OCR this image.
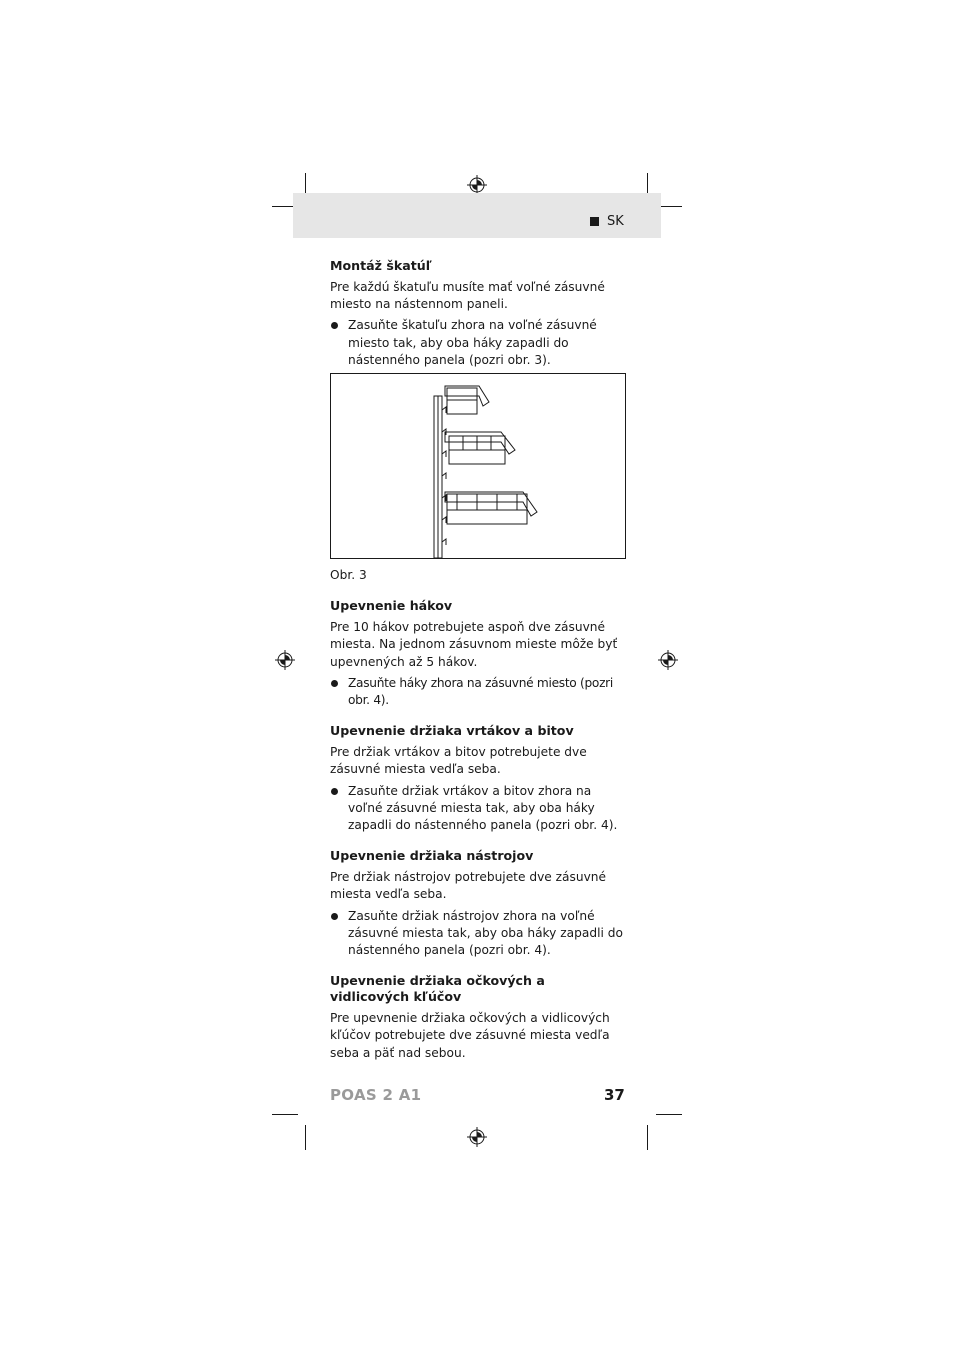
SK
Montáž škatúľ

Pre každú škatuľu musíte mať voľné zásuvné miesto na nástennom paneli.

Zasuňte škatuľu zhora na voľné zásuvné miesto tak, aby oba háky zapadli do nástenného panela (pozri obr. 3).

Obr. 3

Upevnenie hákov

Pre 10 hákov potrebujete aspoň dve zásuvné miesta. Na jednom zásuvnom mieste môže byť upevnených až 5 hákov.

Zasuňte háky zhora na zásuvné miesto (pozri obr. 4).

Upevnenie držiaka vrtákov a bitov

Pre držiak vrtákov a bitov potrebujete dve zásuvné miesta vedľa seba.

Zasuňte držiak vrtákov a bitov zhora na voľné zásuvné miesta tak, aby oba háky zapadli do nástenného panela (pozri obr. 4).

Upevnenie držiaka nástrojov

Pre držiak nástrojov potrebujete dve zásuvné miesta vedľa seba.

Zasuňte držiak nástrojov zhora na voľné zásuvné miesta tak, aby oba háky zapadli do nástenného panela (pozri obr. 4).

Upevnenie držiaka očkových a vidlicových kľúčov

Pre upevnenie držiaka očkových a vidlicových kľúčov potrebujete dve zásuvné miesta vedľa seba a päť nad sebou.

POAS 2 A1	37
